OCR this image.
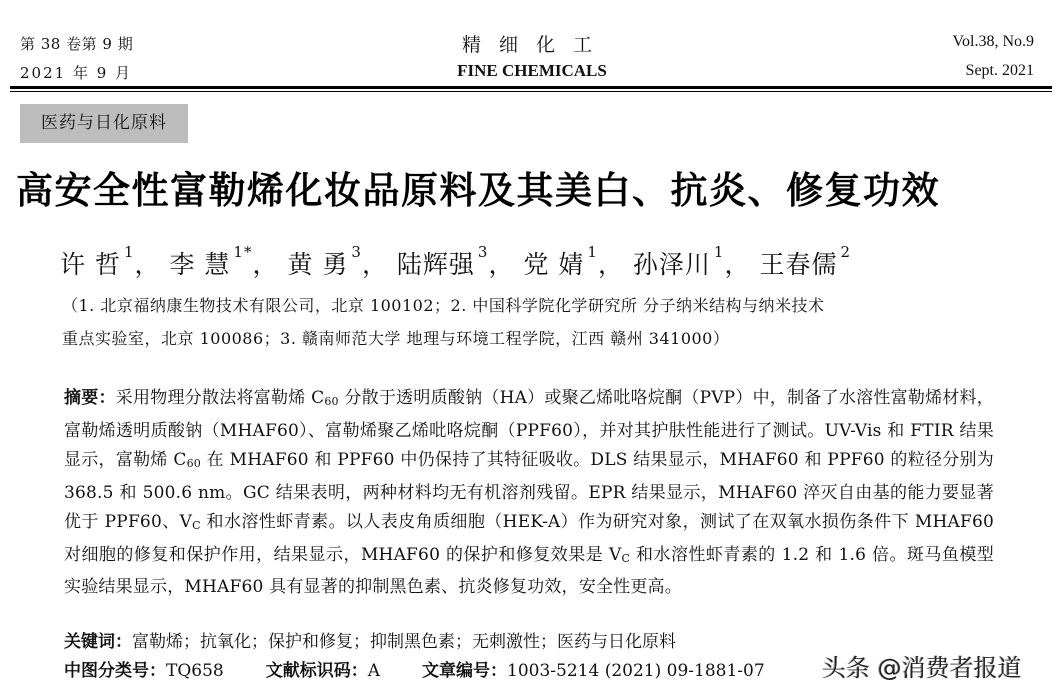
第 38 卷第 9 期
2021 年 9 月
精细化工
FINE CHEMICALS
Vol.38, No.9
Sept. 2021
医药与日化原料
高安全性富勒烯化妆品原料及其美白、抗炎、修复功效
许 哲 $^1$， 李 慧 $^{1*}$， 黄 勇 $^3$， 陆辉强 $^3$， 党 婧 $^1$， 孙泽川 $^1$， 王春儒 $^2$
（1. 北京福纳康生物技术有限公司，北京 100102；2. 中国科学院化学研究所 分子纳米结构与纳米技术
重点实验室，北京 100086；3. 赣南师范大学 地理与环境工程学院，江西 赣州 341000）
摘要：采用物理分散法将富勒烯 $C_{60}$ 分散于透明质酸钠（HA）或聚乙烯吡咯烷酮（PVP）中，制备了水溶性富勒烯材料，富勒烯透明质酸钠（MHAF60）、富勒烯聚乙烯吡咯烷酮（PPF60），并对其护肤性能进行了测试。UV-Vis 和 FTIR 结果显示，富勒烯 $C_{60}$ 在 MHAF60 和 PPF60 中仍保持了其特征吸收。DLS 结果显示，MHAF60 和 PPF60 的粒径分别为 368.5 和 500.6 nm。GC 结果表明，两种材料均无有机溶剂残留。EPR 结果显示，MHAF60 淬灭自由基的能力要显著优于 PPF60、$V_C$ 和水溶性虾青素。以人表皮角质细胞（HEK-A）作为研究对象，测试了在双氧水损伤条件下 MHAF60 对细胞的修复和保护作用，结果显示，MHAF60 的保护和修复效果是 $V_C$ 和水溶性虾青素的 1.2 和 1.6 倍。斑马鱼模型实验结果显示，MHAF60 具有显著的抑制黑色素、抗炎修复功效，安全性更高。
关键词：富勒烯；抗氧化；保护和修复；抑制黑色素；无刺激性；医药与日化原料
中图分类号：TQ658 文献标识码：A 文章编号：1003-5214 (2021) 09-1881-07 头条 @消费者报道
